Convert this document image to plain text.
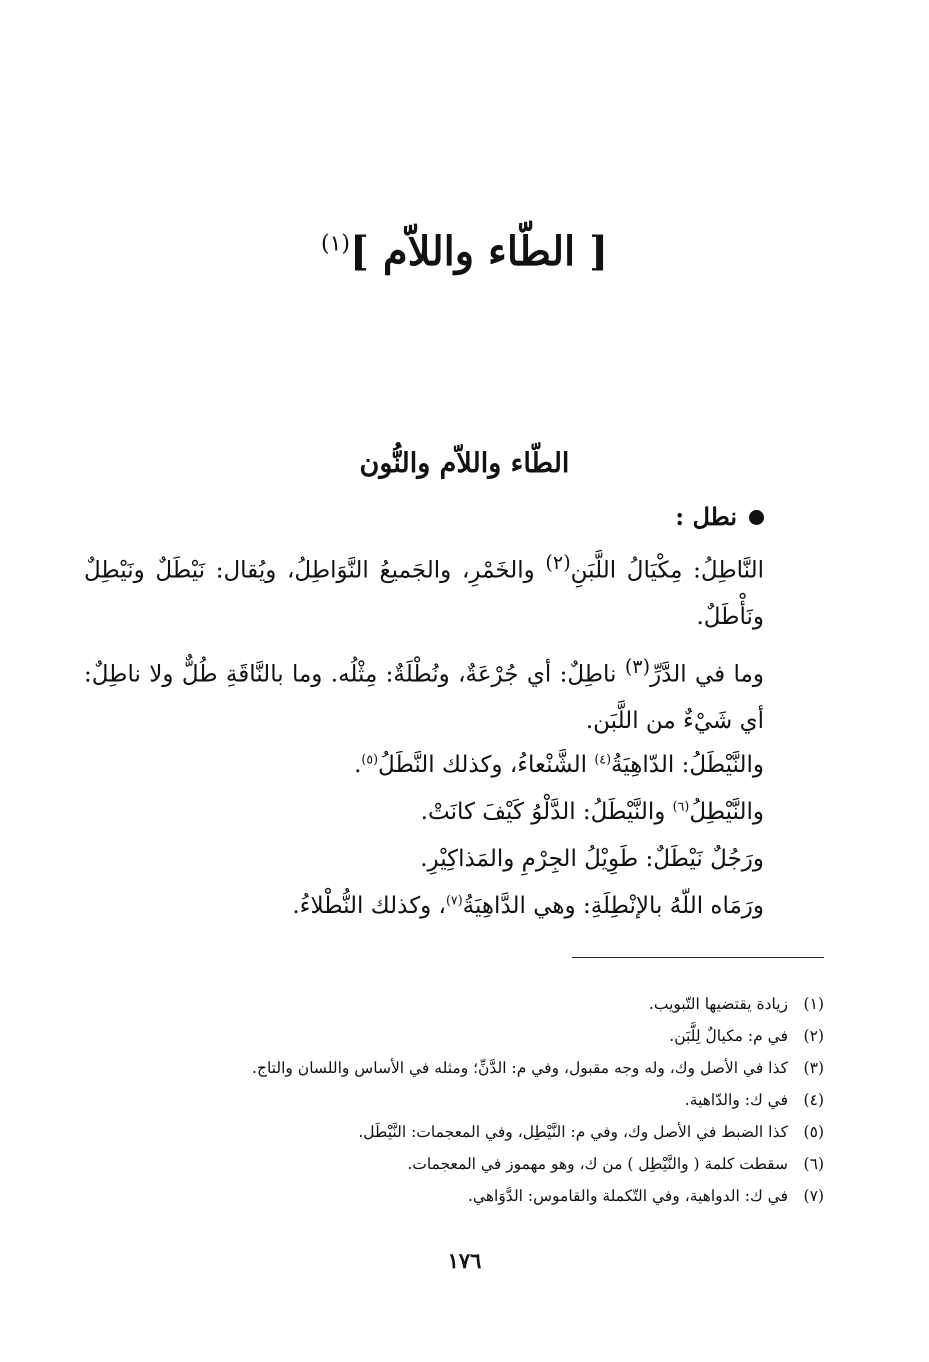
[ الطّاء واللاّم ]$^{(١)}$
الطّاء واللاّم والنُّون
نطل :
النَّاطِلُ: مِكْيَالُ اللَّبَنِ$^{(٢)}$ والخَمْرِ، والجَميعُ النَّوَاطِلُ، ويُقال: نَيْطَلٌ ونَيْطِلٌ ونَأْطَلٌ.
وما في الدَّرِّ$^{(٣)}$ ناطِلٌ: أي جُرْعَةٌ، ونُطْلَةٌ: مِثْلُه. وما بالنَّاقَةِ طُلٌّ ولا ناطِلٌ: أي شَيْءٌ من اللَّبَن.
والنَّيْطَلُ: الدّاهِيَةُ$^{(٤)}$ الشَّنْعاءُ، وكذلك النَّطَلُ$^{(٥)}$.
والنَّيْطِلُ$^{(٦)}$ والنَّيْطَلُ: الدَّلْوُ كَيْفَ كانَتْ.
ورَجُلٌ نَيْطَلٌ: طَوِيْلُ الجِرْمِ والمَذاكِيْرِ.
ورَمَاه اللّهُ بالإنْطِلَةِ: وهي الدَّاهِيَةُ$^{(٧)}$، وكذلك النُّطْلاءُ.
(١)زيادة يقتضيها التّبويب.
(٢)في م: مكيالٌ لِلَّبَن.
(٣)كذا في الأصل وك، وله وجه مقبول، وفي م: الدَّنِّ؛ ومثله في الأساس واللسان والتاج.
(٤)في ك: والدّاهية.
(٥)كذا الضبط في الأصل وك، وفي م: النَّيْطِل، وفي المعجمات: النَّيْطَل.
(٦)سقطت كلمة ( والنَّيْطِل ) من ك، وهو مهموز في المعجمات.
(٧)في ك: الدواهية، وفي التّكملة والقاموس: الدَّوَاهي.
١٧٦
